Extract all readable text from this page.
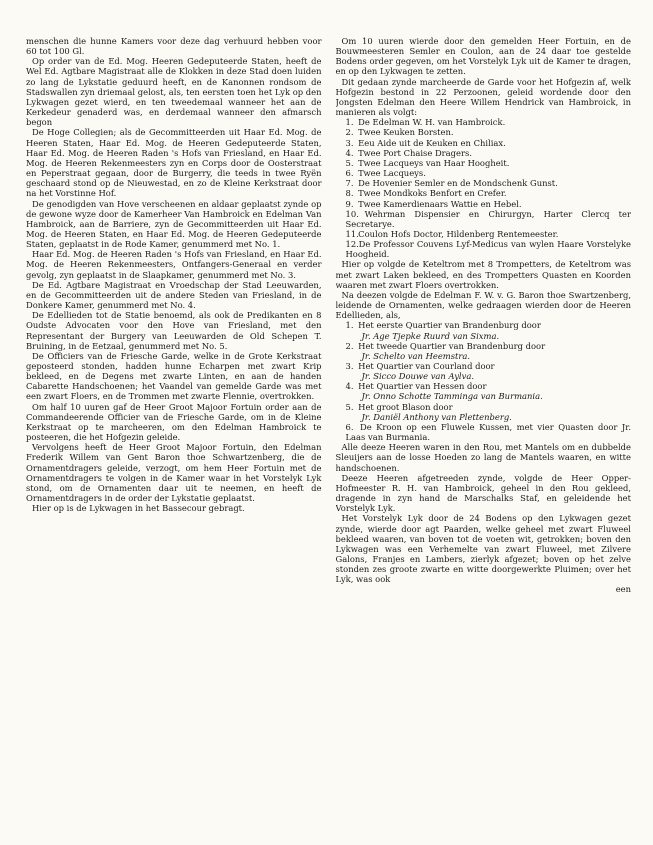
menschen die hunne Kamers voor deze dag verhuurd hebben voor 60 tot 100 Gl.

Op order van de Ed. Mog. Heeren Gedeputeerde Staten, heeft de Wel Ed. Agtbare Magistraat alle de Klokken in deze Stad doen luiden zo lang de Lykstatie geduurd heeft, en de Kanonnen rondsom de Stadswallen zyn driemaal gelost, als, ten eersten toen het Lyk op den Lykwagen gezet wierd, en ten tweedemaal wanneer het aan de Kerkedeur genaderd was, en derdemaal wanneer den afmarsch begon

De Hoge Collegien; als de Gecommitteerden uit Haar Ed. Mog. de Heeren Staten, Haar Ed. Mog. de Heeren Gedeputeerde Staten, Haar Ed. Mog. de Heeren Raden 's Hofs van Friesland, en Haar Ed. Mog. de Heeren Rekenmeesters zyn en Corps door de Oosterstraat en Peperstraat gegaan, door de Burgerry, die teeds in twee Ryën geschaard stond op de Nieuwestad, en zo de Kleine Kerkstraat door na het Vorstinne Hof.

De genodigden van Hove verscheenen en aldaar geplaatst zynde op de gewone wyze door de Kamerheer Van Hambroick en Edelman Van Hambroick, aan de Barriere, zyn de Gecommitteerden uit Haar Ed. Mog. de Heeren Staten, en Haar Ed. Mog. de Heeren Gedeputeerde Staten, geplaatst in de Rode Kamer, genummerd met No. 1.

Haar Ed. Mog. de Heeren Raden 's Hofs van Friesland, en Haar Ed. Mog. de Heeren Rekenmeesters, Ontfangers-Generaal en verder gevolg, zyn geplaatst in de Slaapkamer, genummerd met No. 3.

De Ed. Agtbare Magistraat en Vroedschap der Stad Leeuwarden, en de Gecommitteerden uit de andere Steden van Friesland, in de Donkere Kamer, genummerd met No. 4.

De Edellieden tot de Statie benoemd, als ook de Predikanten en 8 Oudste Advocaten voor den Hove van Friesland, met den Representant der Burgery van Leeuwarden de Old Schepen T. Bruining, in de Eetzaal, genummerd met No. 5.

De Officiers van de Friesche Garde, welke in de Grote Kerkstraat geposteerd stonden, hadden hunne Echarpen met zwart Krip bekleed, en de Degens met zwarte Linten, en aan de handen Cabarette Handschoenen; het Vaandel van gemelde Garde was met een zwart Floers, en de Trommen met zwarte Flennie, overtrokken.

Om half 10 uuren gaf de Heer Groot Majoor Fortuin order aan de Commandeerende Officier van de Friesche Garde, om in de Kleine Kerkstraat op te marcheeren, om den Edelman Hambroick te posteeren, die het Hofgezin geleide.

Vervolgens heeft de Heer Groot Majoor Fortuin, den Edelman Frederik Willem van Gent Baron thoe Schwartzenberg, die de Ornamentdragers geleide, verzogt, om hem Heer Fortuin met de Ornamentdragers te volgen in de Kamer waar in het Vorstelyk Lyk stond, om de Ornamenten daar uit te neemen, en heeft de Ornamentdragers in de order der Lykstatie geplaatst.

Hier op is de Lykwagen in het Bassecour gebragt.

Om 10 uuren wierde door den gemelden Heer Fortuin, en de Bouwmeesteren Semler en Coulon, aan de 24 daar toe gestelde Bodens order gegeven, om het Vorstelyk Lyk uit de Kamer te dragen, en op den Lykwagen te zetten.

Dit gedaan zynde marcheerde de Garde voor het Hofgezin af, welk Hofgezin bestond in 22 Perzoonen, geleid wordende door den Jongsten Edelman den Heere Willem Hendrick van Hambroick, in manieren als volgt:

1. De Edelman W. H. van Hambroick.

2. Twee Keuken Borsten.

3. Eeu Aide uit de Keuken en Chiliax.

4. Twee Port Chaise Dragers.

5. Twee Lacqueys van Haar Hoogheit.

6. Twee Lacqueys.

7. De Hovenier Semler en de Mondschenk Gunst.

8. Twee Mondkoks Benfort en Crefer.

9. Twee Kamerdienaars Wattie en Hebel.

10. Wehrman Dispensier en Chirurgyn, Harter Clercq ter Secretarye.

11. Coulon Hofs Doctor, Hildenberg Rentemeester.

12. De Professor Couvens Lyf-Medicus van wylen Haare Vorstelyke Hoogheid.

Hier op volgde de Keteltrom met 8 Trompetters, de Keteltrom was met zwart Laken bekleed, en des Trompetters Quasten en Koorden waaren met zwart Floers overtrokken.

Na deezen volgde de Edelman F. W. v. G. Baron thoe Swartzenberg, leidende de Ornamenten, welke gedraagen wierden door de Heeren Edellieden, als,

1. Het eerste Quartier van Brandenburg door

Jr. Age Tjepke Ruurd van Sixma.

2. Het tweede Quartier van Brandenburg door

Jr. Schelto van Heemstra.

3. Het Quartier van Courland door

Jr. Sicco Douwe van Aylva.

4. Het Quartier van Hessen door

Jr. Onno Schotte Tamminga van Burmania.

5. Het groot Blason door

Jr. Daniël Anthony van Plettenberg.

6. De Kroon op een Fluwele Kussen, met vier Quasten door Jr. Laas van Burmania.

Alle deeze Heeren waren in den Rou, met Mantels om en dubbelde Sleuijers aan de losse Hoeden zo lang de Mantels waaren, en witte handschoenen.

Deeze Heeren afgetreeden zynde, volgde de Heer Opper-Hofmeester R. H. van Hambroick, geheel in den Rou gekleed, dragende in zyn hand de Marschalks Staf, en geleidende het Vorstelyk Lyk.

Het Vorstelyk Lyk door de 24 Bodens op den Lykwagen gezet zynde, wierde door agt Paarden, welke geheel met zwart Fluweel bekleed waaren, van boven tot de voeten wit, getrokken; boven den Lykwagen was een Verhemelte van zwart Fluweel, met Zilvere Galons, Franjes en Lambers, zierlyk afgezet; boven op het zelve stonden zes groote zwarte en witte doorgewerkte Pluimen; over het Lyk, was ook

een
